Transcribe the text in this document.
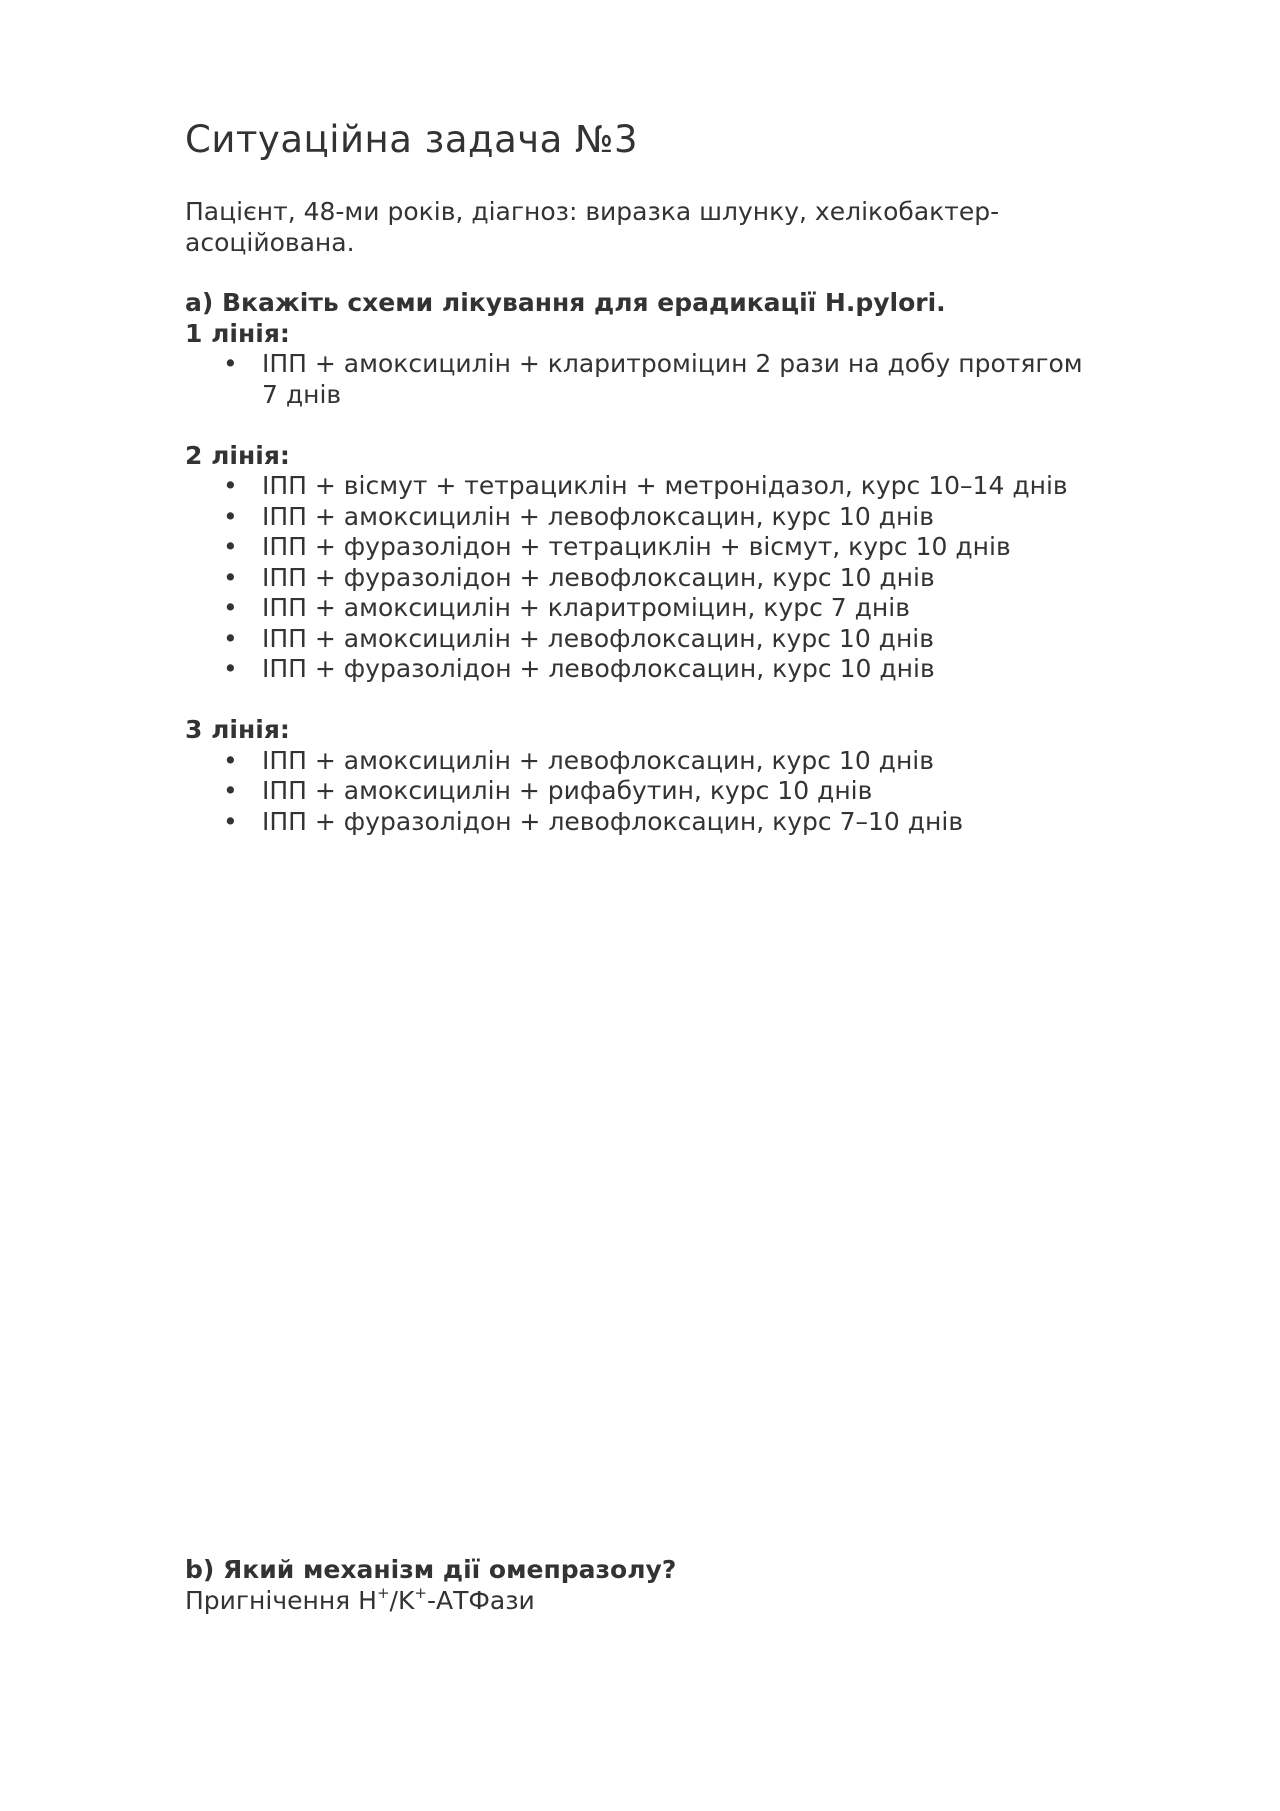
Ситуаційна задача №3

Пацієнт, 48-ми років, діагноз: виразка шлунку, хелікобактер-асоційована.

а) Вкажіть схеми лікування для ерадикації H.pylori.
1 лінія:
• ІПП + амоксицилін + кларитроміцин 2 рази на добу протягом 7 днів
2 лінія:
• ІПП + вісмут + тетрациклін + метронідазол, курс 10–14 днів
• ІПП + амоксицилін + левофлоксацин, курс 10 днів
• ІПП + фуразолідон + тетрациклін + вісмут, курс 10 днів
• ІПП + фуразолідон + левофлоксацин, курс 10 днів
• ІПП + амоксицилін + кларитроміцин, курс 7 днів
• ІПП + амоксицилін + левофлоксацин, курс 10 днів
• ІПП + фуразолідон + левофлоксацин, курс 10 днів
3 лінія:
• ІПП + амоксицилін + левофлоксацин, курс 10 днів
• ІПП + амоксицилін + рифабутин, курс 10 днів
• ІПП + фуразолідон + левофлоксацин, курс 7–10 днів
b) Який механізм дії омепразолу?
Пригнічення H+/K+-АТФази
